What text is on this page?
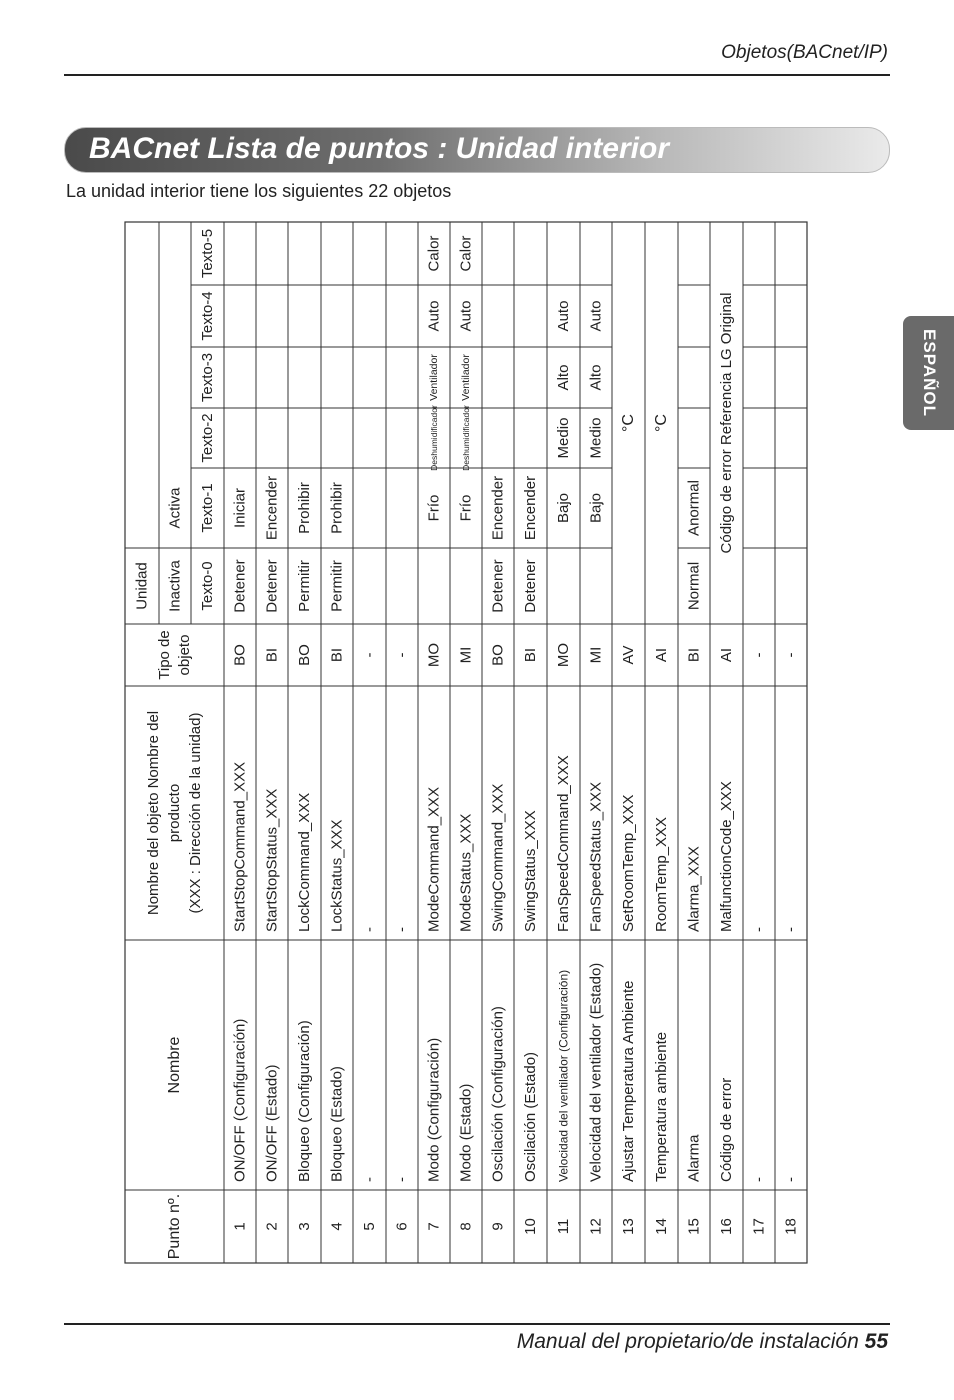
Objetos(BACnet/IP)
BACnet Lista de puntos : Unidad interior
La unidad interior tiene los siguientes 22 objetos
ESPAÑOL
Punto nº.
Nombre
Nombre del objeto Nombre del producto (XXX : Dirección de la unidad)
Tipo de objeto
Unidad Inactiva
Activa
Texto-5
Texto-4
Texto-3
Texto-2
Texto-1
Texto-0
1
ON/OFF (Configuración)
StartStopCommand_XXX
BO
Iniciar
Detener
2
ON/OFF (Estado)
StartStopStatus_XXX
BI
Encender
Detener
3
Bloqueo (Configuración)
LockCommand_XXX
BO
Prohibir
Permitir
4
Bloqueo (Estado)
LockStatus_XXX
BI
Prohibir
Permitir
5
-
-
-
6
-
-
-
7
Modo (Configuración)
ModeCommand_XXX
MO
Calor
Auto
Ventilador
Deshumidificador
Frío
8
Modo (Estado)
ModeStatus_XXX
MI
Calor
Auto
Ventilador
Deshumidificador
Frío
9
Oscilación (Configuración)
SwingCommand_XXX
BO
Encender
Detener
10
Oscilación (Estado)
SwingStatus_XXX
BI
Encender
Detener
11
Velocidad del ventilador (Configuración)
FanSpeedCommand_XXX
MO
Auto
Alto
Medio
Bajo
12
Velocidad del ventilador (Estado)
FanSpeedStatus_XXX
MI
Auto
Alto
Medio
Bajo
13
Ajustar Temperatura Ambiente
SetRoomTemp_XXX
AV
°C
14
Temperatura ambiente
RoomTemp_XXX
AI
°C
15
Alarma
Alarma_XXX
BI
Anormal
Normal
16
Código de error
MalfunctionCode_XXX
AI
Código de error Referencia LG Original
17
-
-
-
18
-
-
-
Manual del propietario/de instalación 55
